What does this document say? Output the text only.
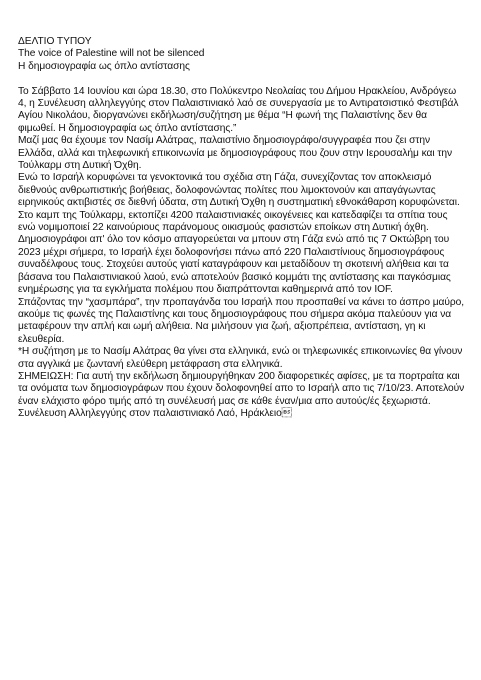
ΔΕΛΤΙΟ ΤΥΠΟΥ

The voice of Palestine will not be silenced

Η δημοσιογραφία ως όπλο αντίστασης

Το Σάββατο 14 Ιουνίου και ώρα 18.30, στο Πολύκεντρο Νεολαίας του Δήμου Ηρακλείου, Ανδρόγεω 4, η Συνέλευση αλληλεγγύης στον Παλαιστινιακό λαό σε συνεργασία με το Αντιρατσιστικό Φεστιβάλ Αγίου Νικολάου, διοργανώνει εκδήλωση/συζήτηση με θέμα “Η φωνή της Παλαιστίνης δεν θα φιμωθεί. Η δημοσιογραφία ως όπλο αντίστασης.”

Μαζί μας θα έχουμε τον Νασίμ Αλάτρας, παλαιστίνιο δημοσιογράφο/συγγραφέα που ζει στην Ελλάδα, αλλά και τηλεφωνική επικοινωνία με δημοσιογράφους που ζουν στην Ιερουσαλήμ και την Τούλκαρμ στη Δυτική Όχθη.

Ενώ το Ισραήλ κορυφώνει τα γενοκτονικά του σχέδια στη Γάζα, συνεχίζοντας τον αποκλεισμό διεθνούς ανθρωπιστικής βοήθειας, δολοφονώντας πολίτες που λιμοκτονούν και απαγάγωντας ειρηνικούς ακτιβιστές σε διεθνή ύδατα, στη Δυτική Όχθη η συστηματική εθνοκάθαρση κορυφώνεται. Στο καμπ της Τούλκαρμ, εκτοπίζει 4200 παλαιστινιακές οικογένειες και κατεδαφίζει τα σπίτια τους ενώ νομιμοποιεί 22 καινούριους παράνομους οικισμούς φασιστών εποίκων στη Δυτική όχθη.

Δημοσιογράφοι απ' όλο τον κόσμο απαγορεύεται να μπουν στη Γάζα ενώ από τις 7 Οκτώβρη του 2023 μέχρι σήμερα, το Ισραήλ έχει δολοφονήσει πάνω από 220 Παλαιστίνιους δημοσιογράφους συναδέλφους τους. Στοχεύει αυτούς γιατί καταγράφουν και μεταδίδουν τη σκοτεινή αλήθεια και τα βάσανα του Παλαιστινιακού λαού, ενώ αποτελούν βασικό κομμάτι της αντίστασης και παγκόσμιας ενημέρωσης για τα εγκλήματα πολέμου που διαπράττονται καθημερινά από τον IOF.

Σπάζοντας την “χασμπάρα”, την προπαγάνδα του Ισραήλ που προσπαθεί να κάνει το άσπρο μαύρο, ακούμε τις φωνές της Παλαιστίνης και τους δημοσιογράφους που σήμερα ακόμα παλεύουν για να μεταφέρουν την απλή και ωμή αλήθεια. Να μιλήσουν για ζωή, αξιοπρέπεια, αντίσταση, γη κι ελευθερία.

*Η συζήτηση με το Νασίμ Αλάτρας θα γίνει στα ελληνικά, ενώ οι τηλεφωνικές επικοινωνίες θα γίνουν στα αγγλικά με ζωντανή ελεύθερη μετάφραση στα ελληνικά.

ΣΗΜΕΙΩΣΗ: Για αυτή την εκδήλωση δημιουργήθηκαν 200 διαφορετικές αφίσες, με τα πορτραίτα και τα ονόματα των δημοσιογράφων που έχουν δολοφονηθεί απο το Ισραήλ απο τις 7/10/23. Αποτελούν έναν ελάχιστο φόρο τιμής από τη συνέλευσή μας σε κάθε έναν/μια απο αυτούς/ές ξεχωριστά.

Συνέλευση Αλληλεγγύης στον παλαιστινιακό Λαό, Ηράκλειο
